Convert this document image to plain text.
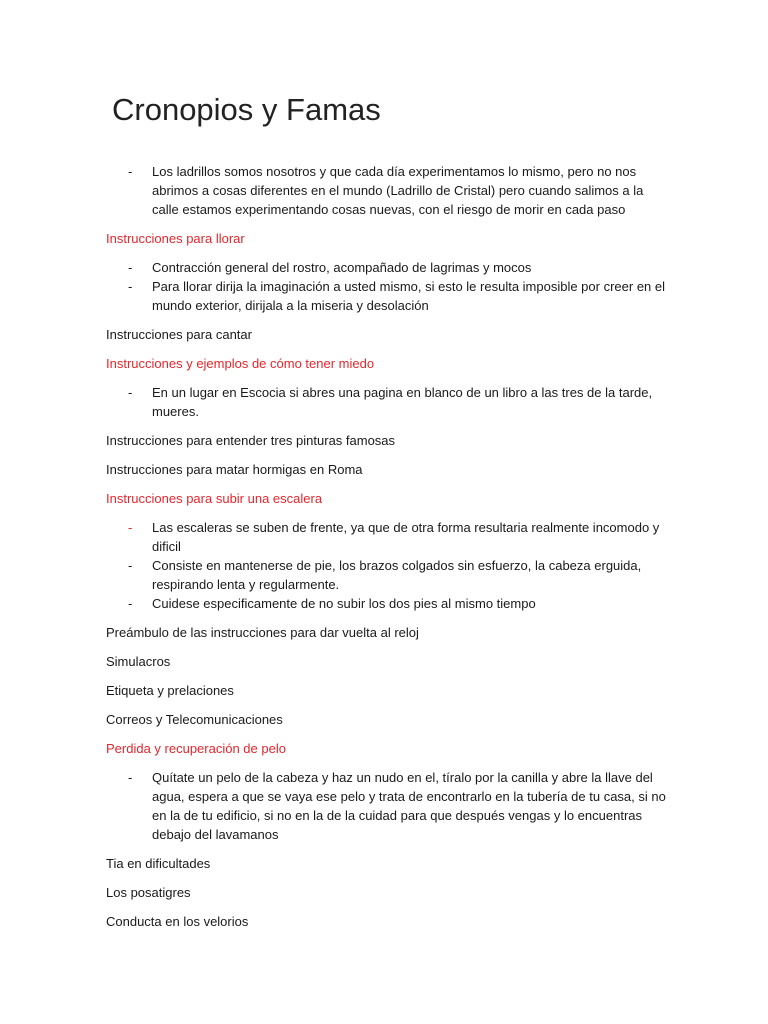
Cronopios y Famas
- Los ladrillos somos nosotros y que cada día experimentamos lo mismo, pero no nos abrimos a cosas diferentes en el mundo (Ladrillo de Cristal) pero cuando salimos a la calle estamos experimentando cosas nuevas, con el riesgo de morir en cada paso

Instrucciones para llorar

- Contracción general del rostro, acompañado de lagrimas y mocos
- Para llorar dirija la imaginación a usted mismo, si esto le resulta imposible por creer en el mundo exterior, dirijala a la miseria y desolación

Instrucciones para cantar

Instrucciones y ejemplos de cómo tener miedo

- En un lugar en Escocia si abres una pagina en blanco de un libro a las tres de la tarde, mueres.

Instrucciones para entender tres pinturas famosas

Instrucciones para matar hormigas en Roma

Instrucciones para subir una escalera

- Las escaleras se suben de frente, ya que de otra forma resultaria realmente incomodo y dificil
- Consiste en mantenerse de pie, los brazos colgados sin esfuerzo, la cabeza erguida, respirando lenta y regularmente.
- Cuidese especificamente de no subir los dos pies al mismo tiempo

Preámbulo de las instrucciones para dar vuelta al reloj

Simulacros

Etiqueta y prelaciones

Correos y Telecomunicaciones

Perdida y recuperación de pelo

- Quítate un pelo de la cabeza y haz un nudo en el, tíralo por la canilla y abre la llave del agua, espera a que se vaya ese pelo y trata de encontrarlo en la tubería de tu casa, si no en la de tu edificio, si no en la de la cuidad para que después vengas y lo encuentras debajo del lavamanos

Tia en dificultades

Los posatigres

Conducta en los velorios
